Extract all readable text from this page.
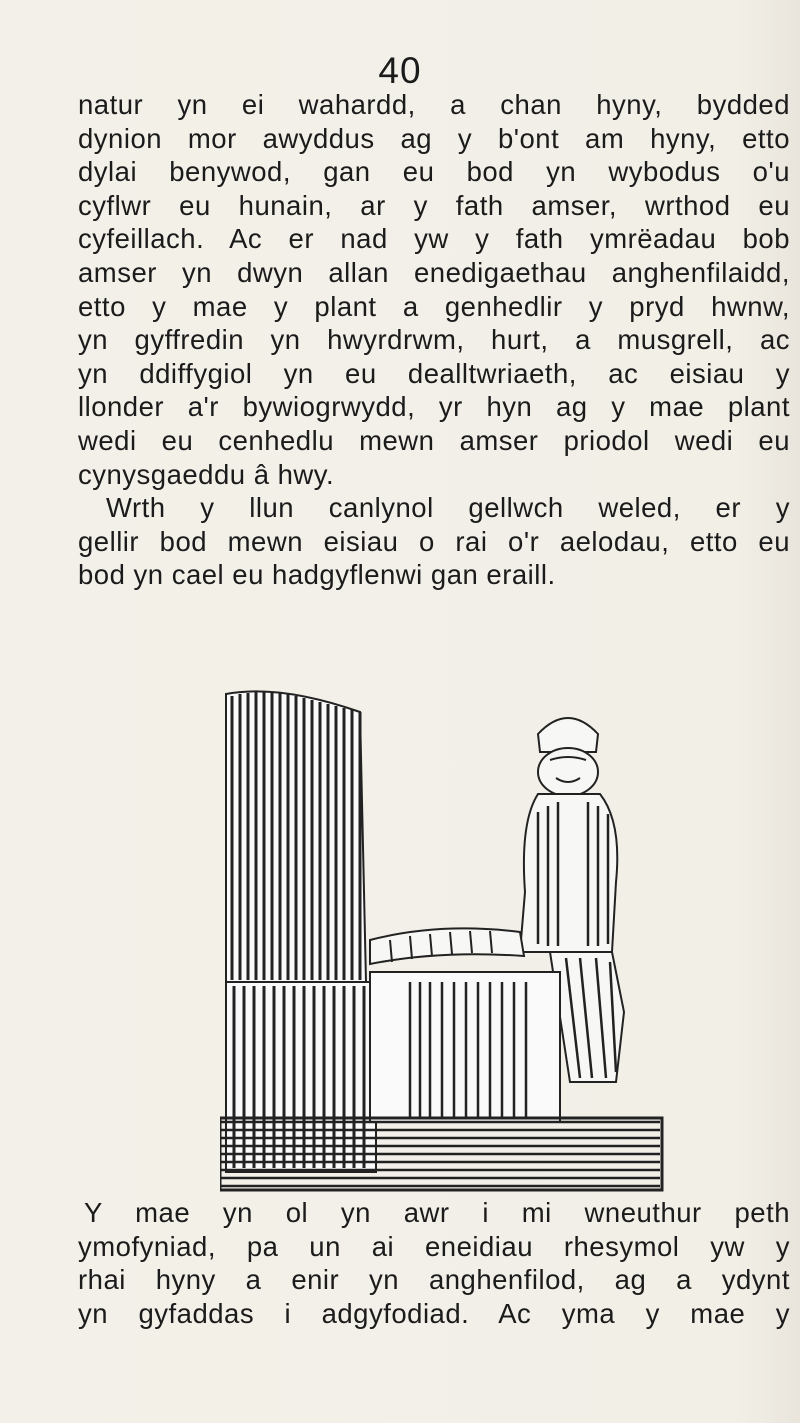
40
natur yn ei wahardd, a chan hyny, bydded
dynion mor awyddus ag y b'ont am hyny, etto
dylai benywod, gan eu bod yn wybodus o'u
cyflwr eu hunain, ar y fath amser, wrthod eu
cyfeillach. Ac er nad yw y fath ymrëadau bob
amser yn dwyn allan enedigaethau anghenfilaidd,
etto y mae y plant a genhedlir y pryd hwnw,
yn gyffredin yn hwyrdrwm, hurt, a musgrell, ac
yn ddiffygiol yn eu dealltwriaeth, ac eisiau y
llonder a'r bywiogrwydd, yr hyn ag y mae plant
wedi eu cenhedlu mewn amser priodol wedi eu
cynysgaeddu â hwy.
Wrth y llun canlynol gellwch weled, er y
gellir bod mewn eisiau o rai o'r aelodau, etto eu
bod yn cael eu hadgyflenwi gan eraill.
Y mae yn ol yn awr i mi wneuthur peth
ymofyniad, pa un ai eneidiau rhesymol yw y
rhai hyny a enir yn anghenfilod, ag a ydynt
yn gyfaddas i adgyfodiad. Ac yma y mae y
